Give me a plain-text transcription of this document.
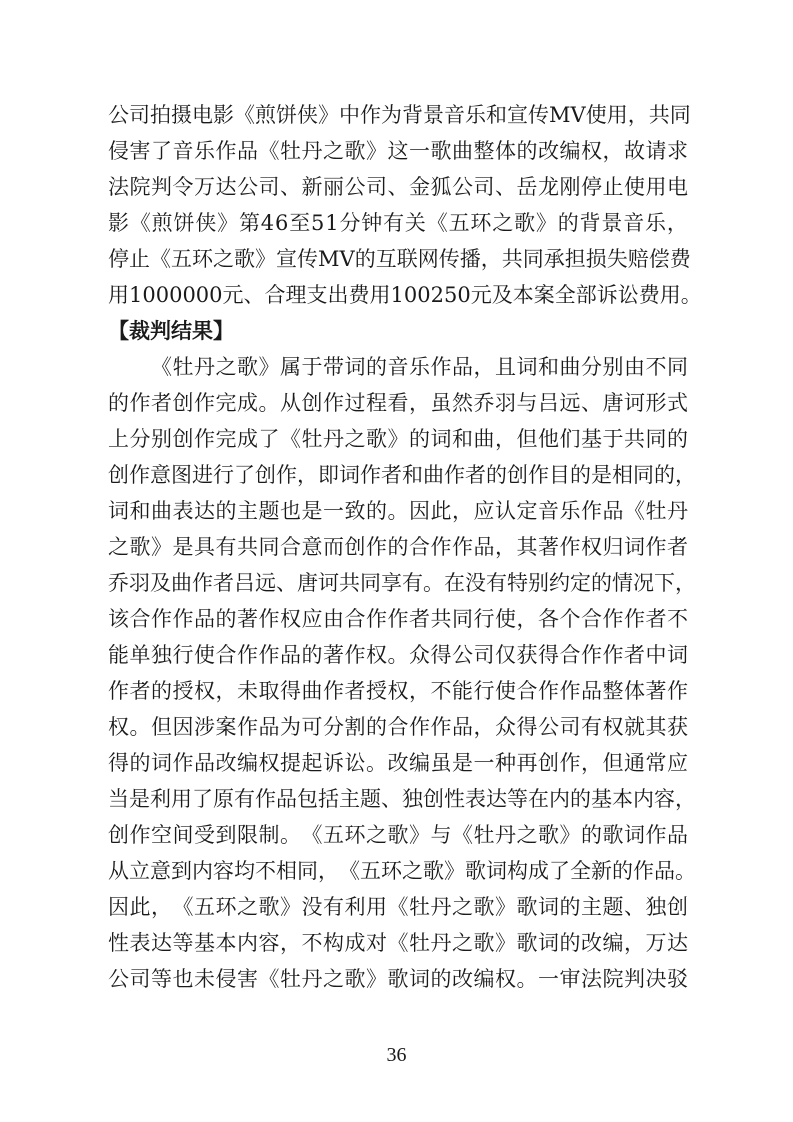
公 司 拍 摄 电 影 《 煎 饼 侠 》 中 作 为 背 景 音 乐 和 宣 传 M V 使 用 ， 共 同
侵 害 了 音 乐 作 品 《 牡 丹 之 歌 》 这 一 歌 曲 整 体 的 改 编 权 ， 故 请 求
法 院 判 令 万 达 公 司 、 新 丽 公 司 、 金 狐 公 司 、 岳 龙 刚 停 止 使 用 电
影 《 煎 饼 侠 》 第 4 6 至 5 1 分 钟 有 关 《 五 环 之 歌 》 的 背 景 音 乐 ，
停 止 《 五 环 之 歌 》 宣 传 M V 的 互 联 网 传 播 ， 共 同 承 担 损 失 赔 偿 费
用1000000元、合理支出费用100250元及本案全部诉讼费用。
【裁判结果】

《 牡 丹 之 歌 》 属 于 带 词 的 音 乐 作 品 ， 且 词 和 曲 分 别 由 不 同
的 作 者 创 作 完 成 。 从 创 作 过 程 看 ， 虽 然 乔 羽 与 吕 远 、 唐 诃 形 式
上 分 别 创 作 完 成 了 《 牡 丹 之 歌 》 的 词 和 曲 ， 但 他 们 基 于 共 同 的
创 作 意 图 进 行 了 创 作 ， 即 词 作 者 和 曲 作 者 的 创 作 目 的 是 相 同 的 ，
词 和 曲 表 达 的 主 题 也 是 一 致 的 。 因 此 ， 应 认 定 音 乐 作 品 《 牡 丹
之 歌 》 是 具 有 共 同 合 意 而 创 作 的 合 作 作 品 ， 其 著 作 权 归 词 作 者
乔 羽 及 曲 作 者 吕 远 、 唐 诃 共 同 享 有 。 在 没 有 特 别 约 定 的 情 况 下 ，
该 合 作 作 品 的 著 作 权 应 由 合 作 作 者 共 同 行 使 ， 各 个 合 作 作 者 不
能 单 独 行 使 合 作 作 品 的 著 作 权 。 众 得 公 司 仅 获 得 合 作 作 者 中 词
作 者 的 授 权 ， 未 取 得 曲 作 者 授 权 ， 不 能 行 使 合 作 作 品 整 体 著 作
权 。 但 因 涉 案 作 品 为 可 分 割 的 合 作 作 品 ， 众 得 公 司 有 权 就 其 获
得 的 词 作 品 改 编 权 提 起 诉 讼 。 改 编 虽 是 一 种 再 创 作 ， 但 通 常 应
当 是 利 用 了 原 有 作 品 包 括 主 题 、 独 创 性 表 达 等 在 内 的 基 本 内 容 ，
创 作 空 间 受 到 限 制 。 《 五 环 之 歌 》 与 《 牡 丹 之 歌 》 的 歌 词 作 品
从 立 意 到 内 容 均 不 相 同 ， 《 五 环 之 歌 》 歌 词 构 成 了 全 新 的 作 品 。
因 此 ， 《 五 环 之 歌 》 没 有 利 用 《 牡 丹 之 歌 》 歌 词 的 主 题 、 独 创
性 表 达 等 基 本 内 容 ， 不 构 成 对 《 牡 丹 之 歌 》 歌 词 的 改 编 ， 万 达
公 司 等 也 未 侵 害 《 牡 丹 之 歌 》 歌 词 的 改 编 权 。 一 审 法 院 判 决 驳
36
